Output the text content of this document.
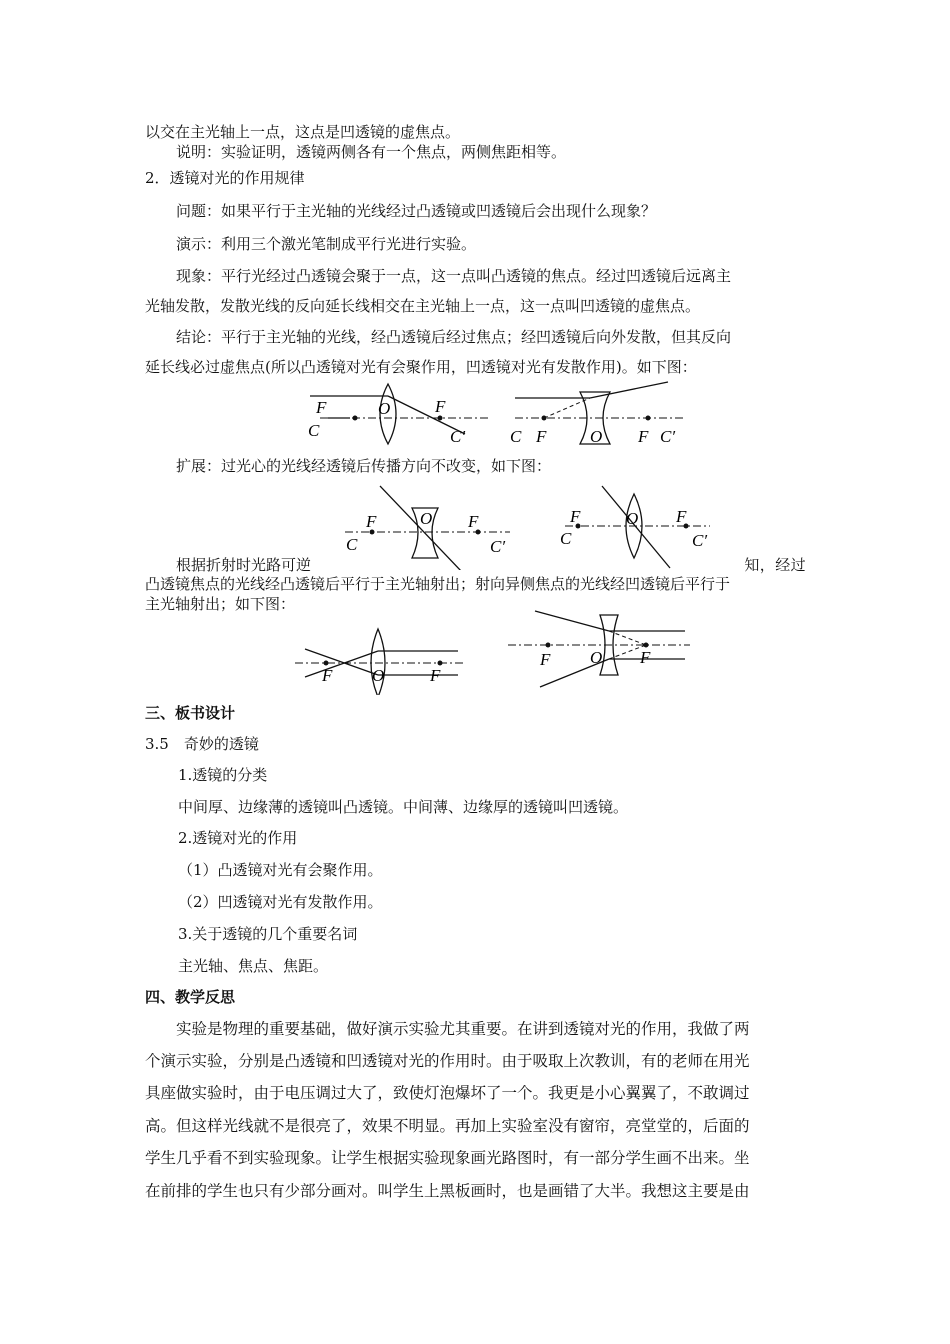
以交在主光轴上一点，这点是凹透镜的虚焦点。
说明：实验证明，透镜两侧各有一个焦点，两侧焦距相等。
2．透镜对光的作用规律
问题：如果平行于主光轴的光线经过凸透镜或凹透镜后会出现什么现象？
演示：利用三个激光笔制成平行光进行实验。
现象：平行光经过凸透镜会聚于一点，这一点叫凸透镜的焦点。经过凹透镜后远离主
光轴发散，发散光线的反向延长线相交在主光轴上一点，这一点叫凹透镜的虚焦点。
结论：平行于主光轴的光线，经凸透镜后经过焦点；经凹透镜后向外发散，但其反向
延长线必过虚焦点(所以凸透镜对光有会聚作用，凹透镜对光有发散作用)。如下图：
F
C
O	F
C′	C F	O F C′
扩展：过光心的光线经透镜后传播方向不改变，如下图：
F
C
O F
C′
F
C
O F
C′
根据折射时光路可逆	知，经过
凸透镜焦点的光线经凸透镜后平行于主光轴射出；射向异侧焦点的光线经凹透镜后平行于
主光轴射出；如下图：
F O	F
F O F
三、板书设计
3.5　奇妙的透镜
1.透镜的分类
中间厚、边缘薄的透镜叫凸透镜。中间薄、边缘厚的透镜叫凹透镜。
2.透镜对光的作用
（1）凸透镜对光有会聚作用。
（2）凹透镜对光有发散作用。
3.关于透镜的几个重要名词
主光轴、焦点、焦距。
四、教学反思
实验是物理的重要基础，做好演示实验尤其重要。在讲到透镜对光的作用，我做了两
个演示实验，分别是凸透镜和凹透镜对光的作用时。由于吸取上次教训，有的老师在用光
具座做实验时，由于电压调过大了，致使灯泡爆坏了一个。我更是小心翼翼了，不敢调过
高。但这样光线就不是很亮了，效果不明显。再加上实验室没有窗帘，亮堂堂的，后面的
学生几乎看不到实验现象。让学生根据实验现象画光路图时，有一部分学生画不出来。坐
在前排的学生也只有少部分画对。叫学生上黑板画时，也是画错了大半。我想这主要是由
